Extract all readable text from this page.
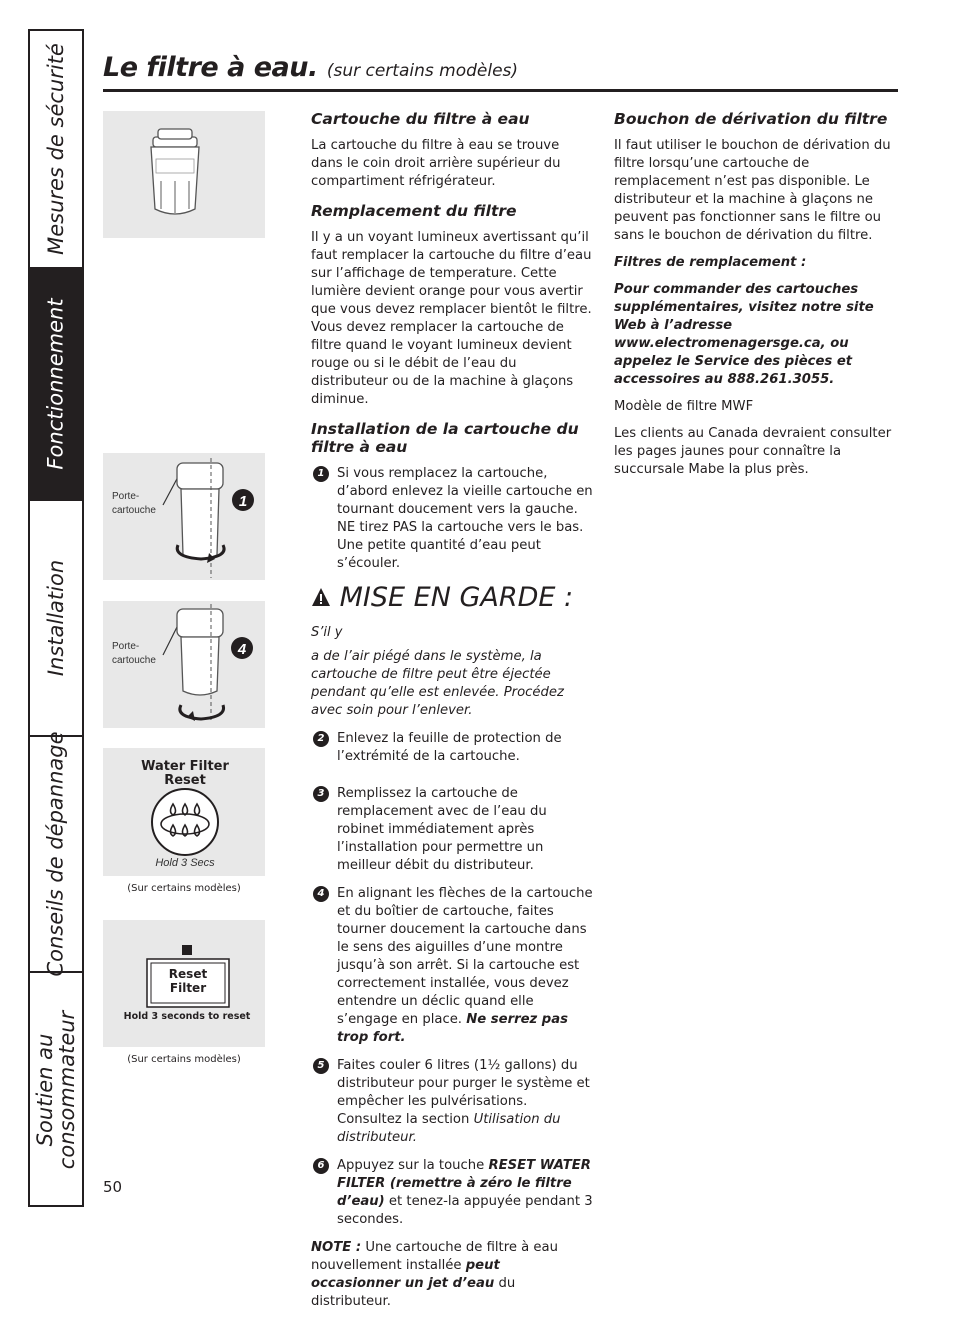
Mesures de sécurité
Fonctionnement
Installation
Conseils de dépannage
Soutien au
consommateur
Le filtre à eau. (sur certains modèles)
Porte-
cartouche
1
Porte-
cartouche
4
Water Filter
Reset
Hold 3 Secs
(Sur certains modèles)
Reset
Filter
Hold 3 seconds to reset
(Sur certains modèles)
Cartouche du filtre à eau
La cartouche du filtre à eau se trouve dans le coin droit arrière supérieur du compartiment réfrigérateur.
Remplacement du filtre
Il y a un voyant lumineux avertissant qu’il faut remplacer la cartouche du filtre d’eau sur l’affichage de temperature. Cette lumière devient orange pour vous avertir que vous devez remplacer bientôt le filtre. Vous devez remplacer la cartouche de filtre quand le voyant lumineux devient rouge ou si le débit de l’eau du distributeur ou de la machine à glaçons diminue.
Installation de la cartouche du filtre à eau
1 Si vous remplacez la cartouche, d’abord enlevez la vieille cartouche en tournant doucement vers la gauche. NE tirez PAS la cartouche vers le bas. Une petite quantité d’eau peut s’écouler.
MISE EN GARDE : S’il y
a de l’air piégé dans le système, la cartouche de filtre peut être éjectée pendant qu’elle est enlevée. Procédez avec soin pour l’enlever.
2 Enlevez la feuille de protection de l’extrémité de la cartouche.
3 Remplissez la cartouche de remplacement avec de l’eau du robinet immédiatement après l’installation pour permettre un meilleur débit du distributeur.
4 En alignant les flèches de la cartouche et du boîtier de cartouche, faites tourner doucement la cartouche dans le sens des aiguilles d’une montre jusqu’à son arrêt. Si la cartouche est correctement installée, vous devez entendre un déclic quand elle s’engage en place. Ne serrez pas trop fort.
5 Faites couler 6 litres (1½ gallons) du distributeur pour purger le système et empêcher les pulvérisations. Consultez la section Utilisation du distributeur.
6 Appuyez sur la touche RESET WATER FILTER (remettre à zéro le filtre d’eau) et tenez-la appuyée pendant 3 secondes.
NOTE : Une cartouche de filtre à eau nouvellement installée peut occasionner un jet d’eau du distributeur.
Bouchon de dérivation du filtre
Il faut utiliser le bouchon de dérivation du filtre lorsqu’une cartouche de remplacement n’est pas disponible. Le distributeur et la machine à glaçons ne peuvent pas fonctionner sans le filtre ou sans le bouchon de dérivation du filtre.
Filtres de remplacement :
Pour commander des cartouches supplémentaires, visitez notre site Web à l’adresse www.electromenagersge.ca, ou appelez le Service des pièces et accessoires au 888.261.3055.
Modèle de filtre MWF
Les clients au Canada devraient consulter les pages jaunes pour connaître la succursale Mabe la plus près.
50
